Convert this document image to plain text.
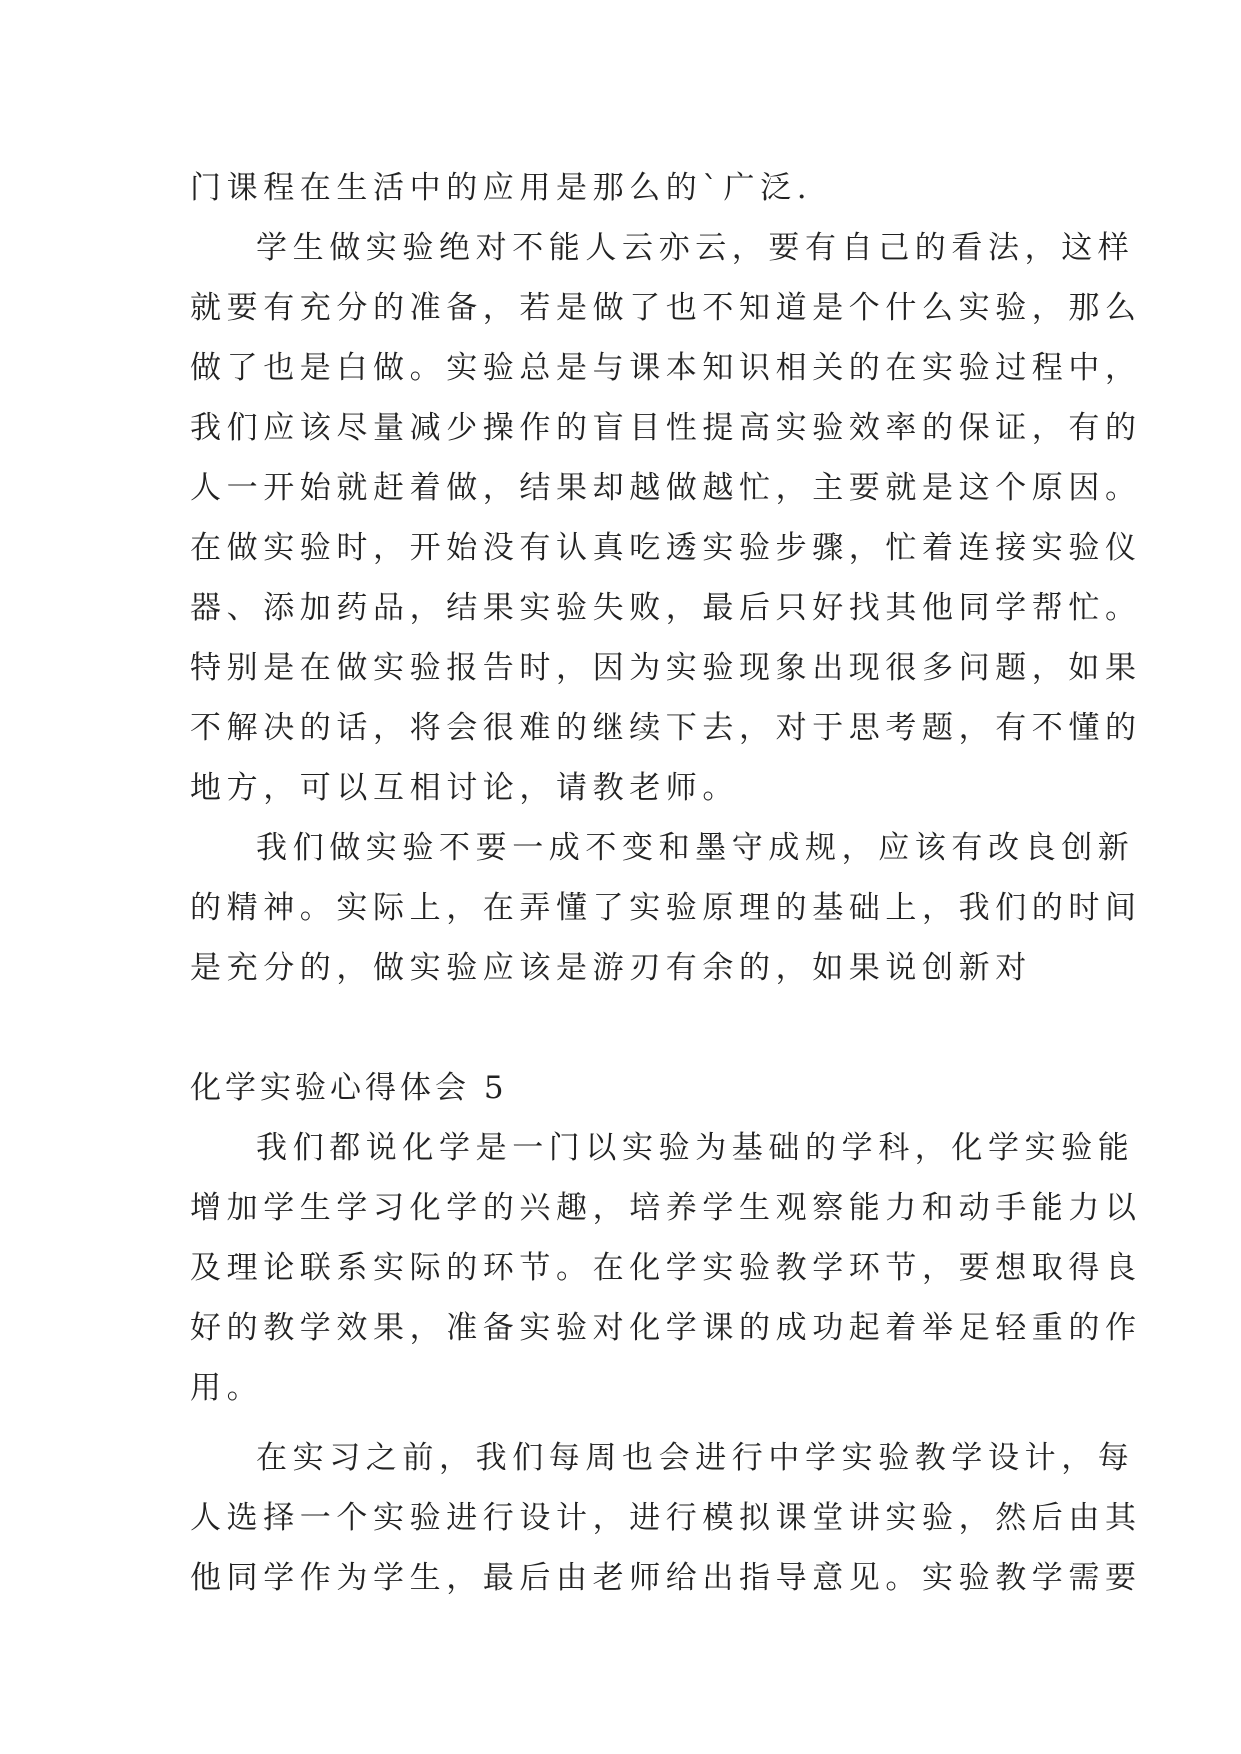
门课程在生活中的应用是那么的`广泛.
学生做实验绝对不能人云亦云，要有自己的看法，这样
就要有充分的准备，若是做了也不知道是个什么实验，那么
做了也是白做。实验总是与课本知识相关的在实验过程中，
我们应该尽量减少操作的盲目性提高实验效率的保证，有的
人一开始就赶着做，结果却越做越忙，主要就是这个原因。
在做实验时，开始没有认真吃透实验步骤，忙着连接实验仪
器、添加药品，结果实验失败，最后只好找其他同学帮忙。
特别是在做实验报告时，因为实验现象出现很多问题，如果
不解决的话，将会很难的继续下去，对于思考题，有不懂的
地方，可以互相讨论，请教老师。
我们做实验不要一成不变和墨守成规，应该有改良创新
的精神。实际上，在弄懂了实验原理的基础上，我们的时间
是充分的，做实验应该是游刃有余的，如果说创新对
化学实验心得体会 5
我们都说化学是一门以实验为基础的学科，化学实验能
增加学生学习化学的兴趣，培养学生观察能力和动手能力以
及理论联系实际的环节。在化学实验教学环节，要想取得良
好的教学效果，准备实验对化学课的成功起着举足轻重的作
用。
在实习之前，我们每周也会进行中学实验教学设计，每
人选择一个实验进行设计，进行模拟课堂讲实验，然后由其
他同学作为学生，最后由老师给出指导意见。实验教学需要
